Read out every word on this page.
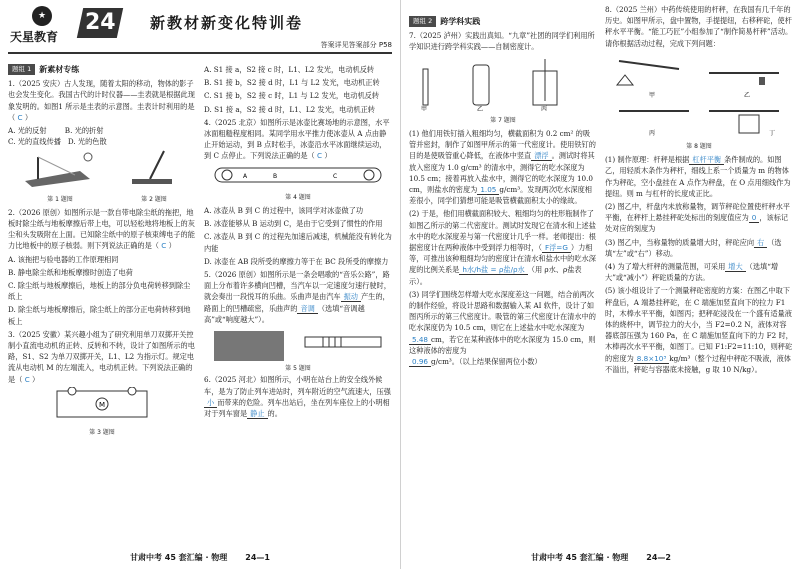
★
天星教育
24	新教材新变化特训卷
答案详见答案部分 P58
题组 1	新素材专练

1.（2025 安庆）古人发现，随着太阳的移动，物体的影子也会发生变化。我国古代的计时仪器——圭表就是根据此现象发明的。如图1 所示是圭表的示意图。圭表计时利用的是（ C ）

A. 光的反射	B. 光的折射
C. 光的直线传播 D. 光的色散

第 1 题图	第 2 题图

2.（2026 原创）如图所示是一款自带电除尘纸的拖把，地板时除尘纸与地板摩擦后带上电，可以轻松地将地板上的灰尘和头发吸附在上面。已知除尘纸中的原子核束缚电子的能力比地板中的原子核弱。则下列说法正确的是（ C ）

A. 该拖把与验电器的工作原理相同

B. 静电除尘纸和地板摩擦时创造了电荷

C. 除尘纸与地板摩擦后，地板上的部分负电荷转移到除尘纸上

D. 除尘纸与地板摩擦后，除尘纸上的部分正电荷转移到地板上

3.（2025 安徽）某兴趣小组为了研究利用单刀双掷开关控制小直流电动机的正转、反转和不转，设计了如图所示的电路，S1、S2 为单刀双掷开关，L1、L2 为指示灯。规定电流从电动机 M 的左端流入，电动机正转。下列说法正确的是（ C ）

M
第 3 题图

A. S1 接 a，S2 接 c 时，L1、L2 发光，电动机反转

B. S1 接 b，S2 接 d 时，L1 与 L2 发光，电动机正转

C. S1 接 b，S2 接 c 时，L1 与 L2 发光，电动机反转

D. S1 接 a，S2 接 d 时，L1、L2 发光，电动机正转

4.（2025 北京）如图所示是冰壶比赛场地的示意图，水平冰面粗糙程度相同。某同学用水平推力使冰壶从 A 点由静止开始运动，到 B 点时松手，冰壶沿水平冰面继续运动，到 C 点停止。下列说法正确的是（ C ）

A	B	C
第 4 题图

A. 冰壶从 B 到 C 的过程中，该同学对冰壶做了功

B. 冰壶能够从 B 运动到 C，是由于它受到了惯性的作用

C. 冰壶从 B 到 C 的过程先加速后减速，机械能没有转化为内能

D. 冰壶在 AB 段所受的摩擦力等于在 BC 段所受的摩擦力

5.（2026 原创）如图所示是一条会唱歌的“音乐公路”，路面上分布着许多横向凹槽，当汽车以一定速度匀速行驶时，就会奏出一段悦耳的乐曲。乐曲声是由汽车 振动 产生的，路面上的凹槽疏密，乐曲声的 音调 （选填“音调越高”或“响度越大”）。

第 5 题图

6.（2025 河北）如图所示，小明在站台上的安全线外候车，是为了防止列车进站时，列车附近的空气流速大，压强小 而带来的危险。列车出站后，坐在列车座位上的小明相对于列车窗是 静止 的。

甘肃中考 45 套汇编 · 物理 24—1
题组 2	跨学科实践

7.（2025 泸州）实践出真知。“九章”社团的同学们利用所学知识进行跨学科实践——自制密度计。

甲	乙	丙
第 7 题图

(1) 他们用铁钉插入粗细均匀，横截面积为 0.2 cm² 的吸管并密封，制作了如图甲所示的第一代密度计。使用铁钉的目的是使吸管重心降低，在液体中竖直 漂浮 。测试时将其放入密度为 1.0 g/cm³ 的清水中，测得它的吃水深度为 10.5 cm；接着再放入盐水中，测得它的吃水深度为 10.0 cm，则盐水的密度为 1.05 g/cm³。发现两次吃水深度相差很小，同学们猜想可能是吸管横截面积太小的缘故。

(2) 于是，他们用横截面积较大、粗细均匀的柱形瓶制作了如图乙所示的第二代密度计。测试时发现它在清水和上述盐水中的吃水深度差与第一代密度计几乎一样。老师提出：根据密度计在两种液体中受到浮力相等时，（ F浮=G ）力相等，可推出该种粗细均匀的密度计在清水和盐水中的吃水深度的比例关系是 h水/h盐 = ρ盐/ρ水 （用 ρ水、ρ盐表示）。

(3) 同学们围绕怎样增大吃水深度差这一问题，结合前两次的制作经验，将设计思路和数据输入某 AI 软件，设计了如图丙所示的第三代密度计。吸管的第三代密度计在清水中的吃水深度仍为 10.5 cm，则它在上述盐水中吃水深度为5.48 cm，若它在某种液体中的吃水深度为 15.0 cm，则这种液体的密度为0.96 g/cm³。（以上结果保留两位小数）

8.（2025 兰州）中药传统使用的杆秤，在我国有几千年的历史。如图甲所示，盘中置物，手提提纽，右移秤砣，使杆秤水平平衡。“能工巧匠”小组参加了“制作简易杆秤”活动。请你根据活动过程，完成下列问题：

甲	乙
丙	丁
第 8 题图

(1) 制作原理：杆秤是根据 杠杆平衡 条件制成的。如图乙，用轻质木条作为秤杆，细线上系一个质量为 m 的物体作为秤砣，空小盘挂在 A 点作为秤盘，在 O 点用细线作为提纽。则 m 与杠杆的长度成正比。

(2) 图乙中，杆盘内未放称量物，调节秤砣位置使杆秤水平平衡，在秤杆上悬挂秤砣处标出的刻度值应为 0 ，该标记处对应的刻度为

(3) 图乙中，当称量物的质量增大时，秤砣应向 右 （选填“左”或“右”）移动。

(4) 为了增大杆秤的测量范围，可采用 增大 （选填“增大”或“减小”）秤砣质量的方法。

(5) 该小组设计了一个测量秤砣密度的方案：在图乙中取下秤盘后，A 端悬挂秤砣，在 C 端施加竖直向下的拉力 F1 时，木棒水平平衡，如图丙；把秤砣浸没在一个盛有适量液体的烧杯中，调节拉力的大小，当 F2=0.2 N，液体对容器底部压强为 160 Pa，在 C 端施加竖直向下的力 F2 时，木棒再次水平平衡，如图丁。已知 F1:F2=11:10，则秤砣的密度为 8.8×10³ kg/m³（整个过程中秤砣不吸液，液体不溢出，秤砣与容器底未接触，g 取 10 N/kg）。

甘肃中考 45 套汇编 · 物理 24—2
